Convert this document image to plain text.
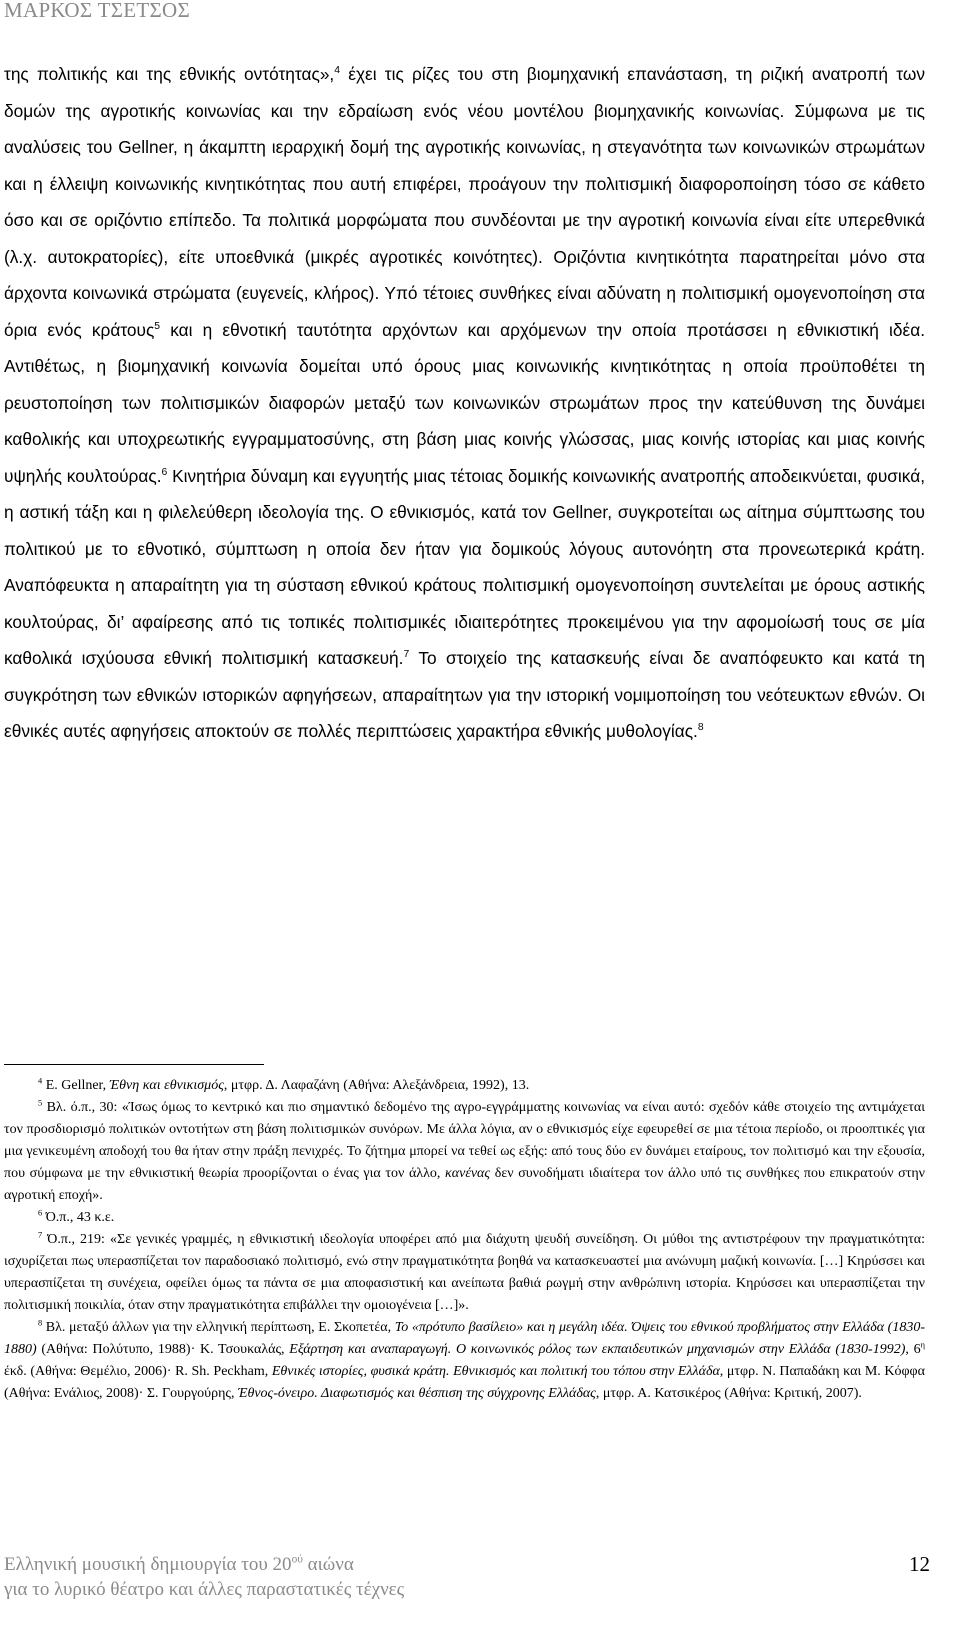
ΜΑΡΚΟΣ ΤΣΕΤΣΟΣ

της πολιτικής και της εθνικής οντότητας»,$^4$ έχει τις ρίζες του στη βιομηχανική επανάσταση, τη ριζική ανατροπή των δομών της αγροτικής κοινωνίας και την εδραίωση ενός νέου μοντέλου βιομηχανικής κοινωνίας. Σύμφωνα με τις αναλύσεις του Gellner, η άκαμπτη ιεραρχική δομή της αγροτικής κοινωνίας, η στεγανότητα των κοινωνικών στρωμάτων και η έλλειψη κοινωνικής κινητικότητας που αυτή επιφέρει, προάγουν την πολιτισμική διαφοροποίηση τόσο σε κάθετο όσο και σε οριζόντιο επίπεδο. Τα πολιτικά μορφώματα που συνδέονται με την αγροτική κοινωνία είναι είτε υπερεθνικά (λ.χ. αυτοκρατορίες), είτε υποεθνικά (μικρές αγροτικές κοινότητες). Οριζόντια κινητικότητα παρατηρείται μόνο στα άρχοντα κοινωνικά στρώματα (ευγενείς, κλήρος). Υπό τέτοιες συνθήκες είναι αδύνατη η πολιτισμική ομογενοποίηση στα όρια ενός κράτους$^5$ και η εθνοτική ταυτότητα αρχόντων και αρχόμενων την οποία προτάσσει η εθνικιστική ιδέα. Αντιθέτως, η βιομηχανική κοινωνία δομείται υπό όρους μιας κοινωνικής κινητικότητας η οποία προϋποθέτει τη ρευστοποίηση των πολιτισμικών διαφορών μεταξύ των κοινωνικών στρωμάτων προς την κατεύθυνση της δυνάμει καθολικής και υποχρεωτικής εγγραμματοσύνης, στη βάση μιας κοινής γλώσσας, μιας κοινής ιστορίας και μιας κοινής υψηλής κουλτούρας.$^6$ Κινητήρια δύναμη και εγγυητής μιας τέτοιας δομικής κοινωνικής ανατροπής αποδεικνύεται, φυσικά, η αστική τάξη και η φιλελεύθερη ιδεολογία της. Ο εθνικισμός, κατά τον Gellner, συγκροτείται ως αίτημα σύμπτωσης του πολιτικού με το εθνοτικό, σύμπτωση η οποία δεν ήταν για δομικούς λόγους αυτονόητη στα προνεωτερικά κράτη. Αναπόφευκτα η απαραίτητη για τη σύσταση εθνικού κράτους πολιτισμική ομογενοποίηση συντελείται με όρους αστικής κουλτούρας, δι’ αφαίρεσης από τις τοπικές πολιτισμικές ιδιαιτερότητες προκειμένου για την αφομοίωσή τους σε μία καθολικά ισχύουσα εθνική πολιτισμική κατασκευή.$^7$ Το στοιχείο της κατασκευής είναι δε αναπόφευκτο και κατά τη συγκρότηση των εθνικών ιστορικών αφηγήσεων, απαραίτητων για την ιστορική νομιμοποίηση του νεότευκτων εθνών. Οι εθνικές αυτές αφηγήσεις αποκτούν σε πολλές περιπτώσεις χαρακτήρα εθνικής μυθολογίας.$^8$

$^4$ E. Gellner, Έθνη και εθνικισμός, μτφρ. Δ. Λαφαζάνη (Αθήνα: Αλεξάνδρεια, 1992), 13.

$^5$ Βλ. ό.π., 30: «Ίσως όμως το κεντρικό και πιο σημαντικό δεδομένο της αγρο-εγγράμματης κοινωνίας να είναι αυτό: σχεδόν κάθε στοιχείο της αντιμάχεται τον προσδιορισμό πολιτικών οντοτήτων στη βάση πολιτισμικών συνόρων. Με άλλα λόγια, αν ο εθνικισμός είχε εφευρεθεί σε μια τέτοια περίοδο, οι προοπτικές για μια γενικευμένη αποδοχή του θα ήταν στην πράξη πενιχρές. Το ζήτημα μπορεί να τεθεί ως εξής: από τους δύο εν δυνάμει εταίρους, τον πολιτισμό και την εξουσία, που σύμφωνα με την εθνικιστική θεωρία προορίζονται ο ένας για τον άλλο, κανένας δεν συνοδήματι ιδιαίτερα τον άλλο υπό τις συνθήκες που επικρατούν στην αγροτική εποχή».

$^6$ Ό.π., 43 κ.ε.

$^7$ Ό.π., 219: «Σε γενικές γραμμές, η εθνικιστική ιδεολογία υποφέρει από μια διάχυτη ψευδή συνείδηση. Οι μύθοι της αντιστρέφουν την πραγματικότητα: ισχυρίζεται πως υπερασπίζεται τον παραδοσιακό πολιτισμό, ενώ στην πραγματικότητα βοηθά να κατασκευαστεί μια ανώνυμη μαζική κοινωνία. […] Κηρύσσει και υπερασπίζεται τη συνέχεια, οφείλει όμως τα πάντα σε μια αποφασιστική και ανείπωτα βαθιά ρωγμή στην ανθρώπινη ιστορία. Κηρύσσει και υπερασπίζεται την πολιτισμική ποικιλία, όταν στην πραγματικότητα επιβάλλει την ομοιογένεια […]».

$^8$ Βλ. μεταξύ άλλων για την ελληνική περίπτωση, Ε. Σκοπετέα, Το «πρότυπο βασίλειο» και η μεγάλη ιδέα. Όψεις του εθνικού προβλήματος στην Ελλάδα (1830-1880) (Αθήνα: Πολύτυπο, 1988)· Κ. Τσουκαλάς, Εξάρτηση και αναπαραγωγή. Ο κοινωνικός ρόλος των εκπαιδευτικών μηχανισμών στην Ελλάδα (1830-1992), $6^\eta$ έκδ. (Αθήνα: Θεμέλιο, 2006)· R. Sh. Peckham, Εθνικές ιστορίες, φυσικά κράτη. Εθνικισμός και πολιτική του τόπου στην Ελλάδα, μτφρ. Ν. Παπαδάκη και Μ. Κόφφα (Αθήνα: Ενάλιος, 2008)· Σ. Γουργούρης, Έθνος-όνειρο. Διαφωτισμός και θέσπιση της σύγχρονης Ελλάδας, μτφρ. Α. Κατσικέρος (Αθήνα: Κριτική, 2007).

Ελληνική μουσική δημιουργία του $20^{oύ}$ αιώνα
για το λυρικό θέατρο και άλλες παραστατικές τέχνες
12
